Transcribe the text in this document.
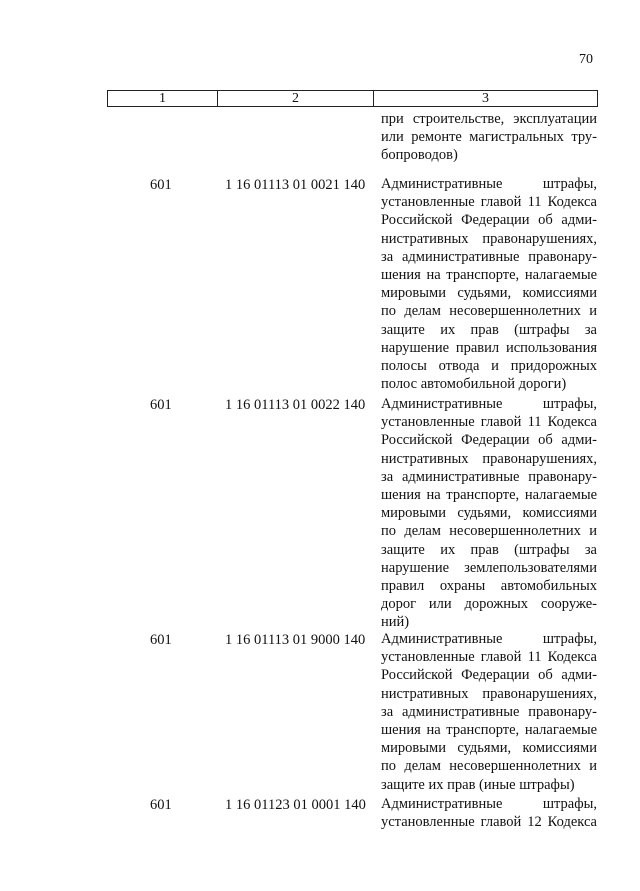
70
1	2	3
при строительстве, эксплуатации
или ремонте магистральных тру-
бопроводов)
601	1 16 01113 01 0021 140	Административные штрафы,
установленные главой 11 Кодекса
Российской Федерации об адми-
нистративных правонарушениях,
за административные правонару-
шения на транспорте, налагаемые
мировыми судьями, комиссиями
по делам несовершеннолетних и
защите их прав (штрафы за
нарушение правил использования
полосы отвода и придорожных
полос автомобильной дороги)
601	1 16 01113 01 0022 140	Административные штрафы,
установленные главой 11 Кодекса
Российской Федерации об адми-
нистративных правонарушениях,
за административные правонару-
шения на транспорте, налагаемые
мировыми судьями, комиссиями
по делам несовершеннолетних и
защите их прав (штрафы за
нарушение землепользователями
правил охраны автомобильных
дорог или дорожных сооруже-
ний)
601	1 16 01113 01 9000 140	Административные штрафы,
установленные главой 11 Кодекса
Российской Федерации об адми-
нистративных правонарушениях,
за административные правонару-
шения на транспорте, налагаемые
мировыми судьями, комиссиями
по делам несовершеннолетних и
защите их прав (иные штрафы)
601	1 16 01123 01 0001 140	Административные штрафы,
установленные главой 12 Кодекса
